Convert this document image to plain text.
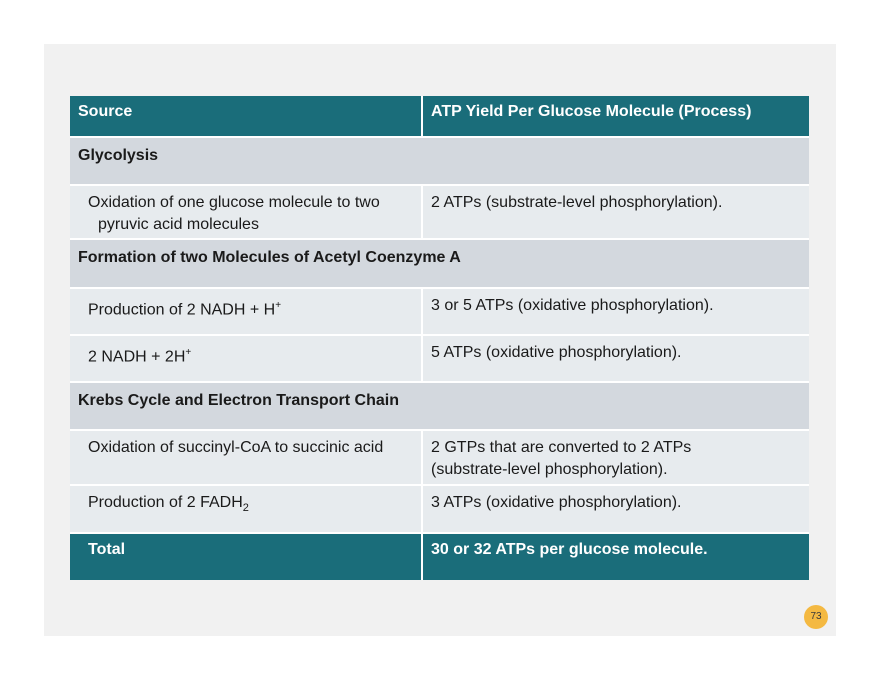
Source	ATP Yield Per Glucose Molecule (Process)
Glycolysis	
Oxidation of one glucose molecule to two
pyruvic acid molecules	2 ATPs (substrate-level phosphorylation).
Formation of two Molecules of Acetyl Coenzyme A	
Production of 2 NADH + H+	3 or 5 ATPs (oxidative phosphorylation).
2 NADH + 2H+	5 ATPs (oxidative phosphorylation).
Krebs Cycle and Electron Transport Chain	
Oxidation of succinyl-CoA to succinic acid	2 GTPs that are converted to 2 ATPs
(substrate-level phosphorylation).
Production of 2 $FADH_2$	3 ATPs (oxidative phosphorylation).
Total	30 or 32 ATPs per glucose molecule.
73
